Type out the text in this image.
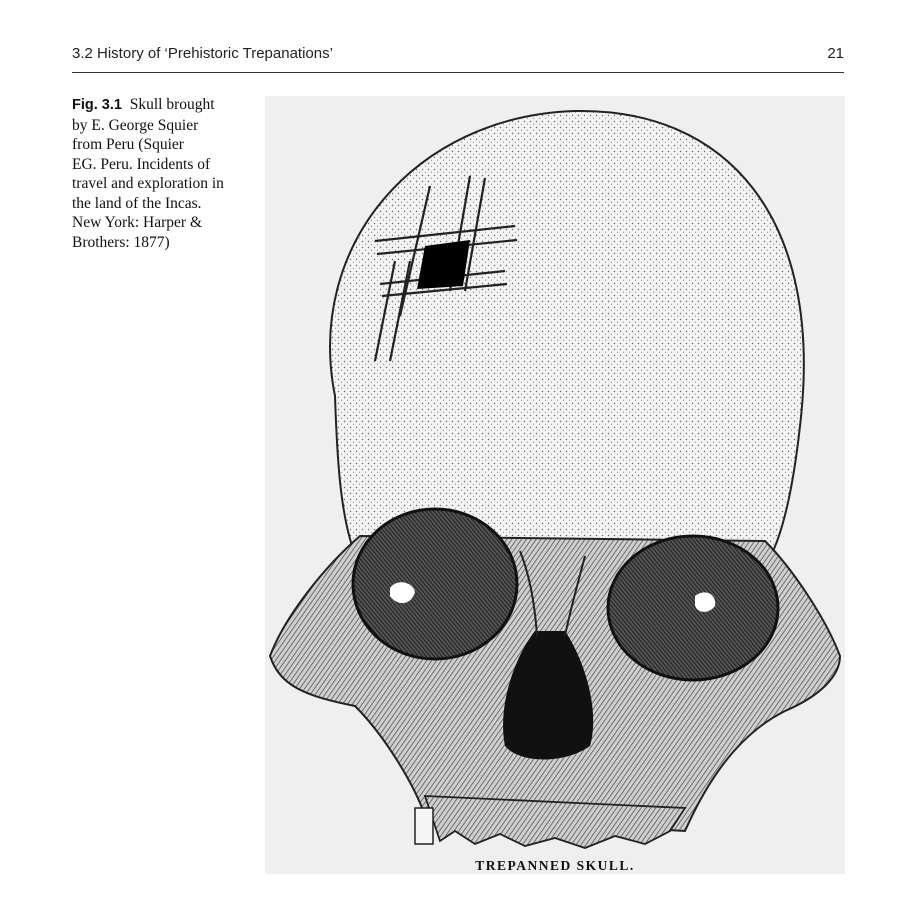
3.2 History of ‘Prehistoric Trepanations’	21
Fig. 3.1 Skull brought
by E. George Squier
from Peru (Squier
EG. Peru. Incidents of
travel and exploration in
the land of the Incas.
New York: Harper &
Brothers: 1877)
TREPANNED SKULL.
